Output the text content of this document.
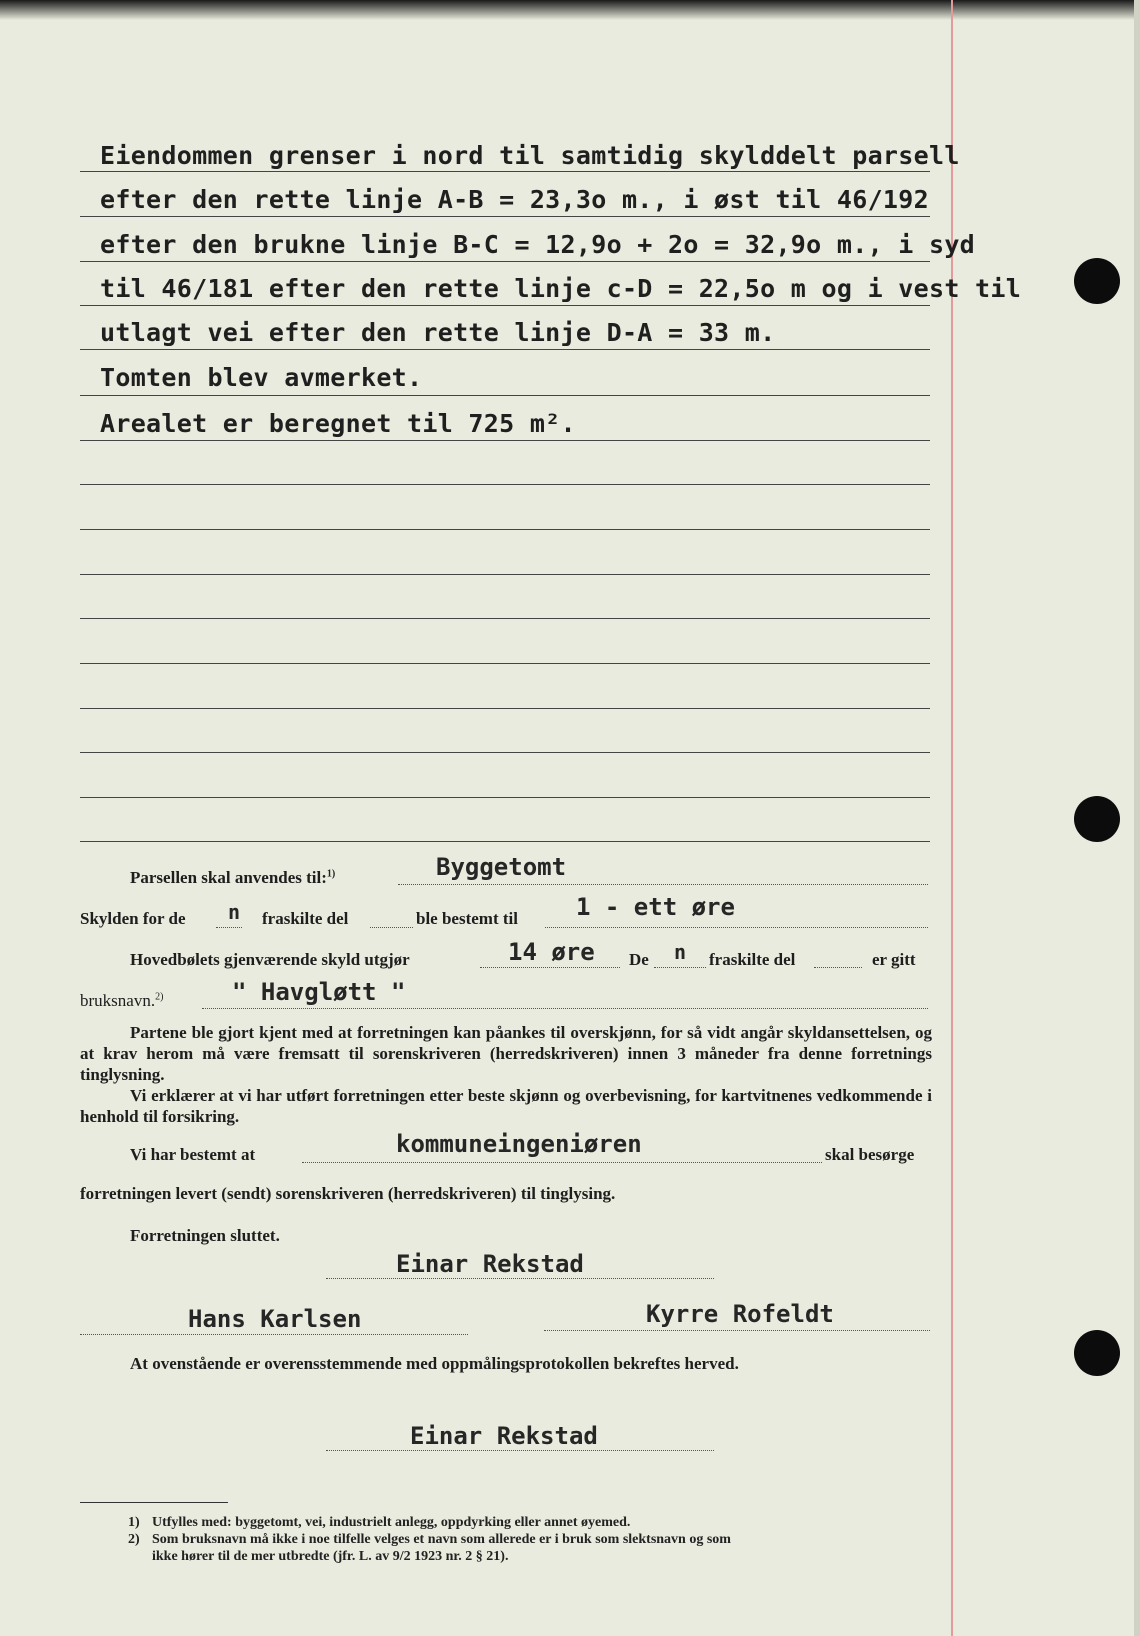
Eiendommen grenser i nord til samtidig skylddelt parsell
efter den rette linje A-B = 23,3o m., i øst til 46/192
efter den brukne linje B-C = 12,9o + 2o = 32,9o m., i syd
til 46/181 efter den rette linje c-D = 22,5o m og i vest til
utlagt vei efter den rette linje D-A = 33 m.
Tomten blev avmerket.
Arealet er beregnet til 725 m².
Parsellen skal anvendes til:$^{1)}$	Byggetomt
Skylden for de n fraskilte del	ble bestemt til 1 - ett øre
Hovedbølets gjenværende skyld utgjør	14 øre De n fraskilte del	er gitt
bruksnavn.$^{2)}$	" Havgløtt "
Partene ble gjort kjent med at forretningen kan påankes til overskjønn, for så vidt angår skyldansettelsen, og at krav herom må være fremsatt til sorenskriveren (herredskriveren) innen 3 måneder fra denne forretnings tinglysning.
Vi erklærer at vi har utført forretningen etter beste skjønn og overbevisning, for kartvitnenes vedkommende i henhold til forsikring.
Vi har bestemt at	kommuneingeniøren	skal besørge
forretningen levert (sendt) sorenskriveren (herredskriveren) til tinglysing.
Forretningen sluttet.
Einar Rekstad
Hans Karlsen	Kyrre Rofeldt
At ovenstående er overensstemmende med oppmålingsprotokollen bekreftes herved.
Einar Rekstad
1) Utfylles med: byggetomt, vei, industrielt anlegg, oppdyrking eller annet øyemed.
2) Som bruksnavn må ikke i noe tilfelle velges et navn som allerede er i bruk som slektsnavn og som
ikke hører til de mer utbredte (jfr. L. av 9/2 1923 nr. 2 § 21).
